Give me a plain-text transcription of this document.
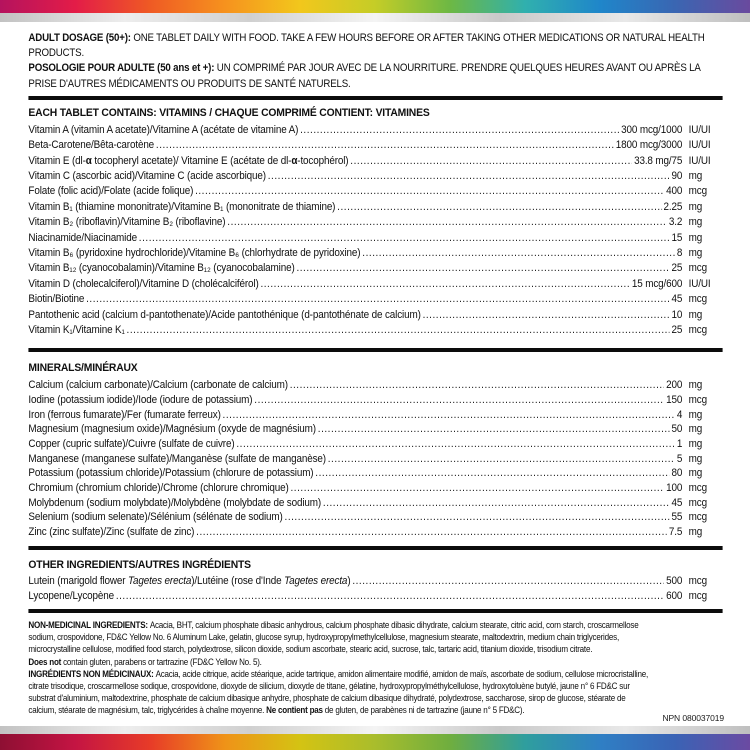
ADULT DOSAGE (50+): ONE TABLET DAILY WITH FOOD. TAKE A FEW HOURS BEFORE OR AFTER TAKING OTHER MEDICATIONS OR NATURAL HEALTH
PRODUCTS.
POSOLOGIE POUR ADULTE (50 ans et +): UN COMPRIMÉ PAR JOUR AVEC DE LA NOURRITURE. PRENDRE QUELQUES HEURES AVANT OU APRÈS LA
PRISE D'AUTRES MÉDICAMENTS OU PRODUITS DE SANTÉ NATURELS.
EACH TABLET CONTAINS: VITAMINS / CHAQUE COMPRIMÉ CONTIENT: VITAMINES
Vitamin A (vitamin A acetate)/Vitamine A (acétate de vitamine A) .....	300 mcg/1000 IU/UI
Beta-Carotene/Bêta-carotène .....	1800 mcg/3000 IU/UI
Vitamin E (dl-α tocopheryl acetate)/ Vitamine E (acétate de dl-α-tocophérol) .....	33.8 mg/75 IU/UI
Vitamin C (ascorbic acid)/Vitamine C (acide ascorbique) .....	90 mg
Folate (folic acid)/Folate (acide folique) .....	400 mcg
Vitamin B₁ (thiamine mononitrate)/Vitamine B₁ (mononitrate de thiamine) .....	2.25 mg
Vitamin B₂ (riboflavin)/Vitamine B₂ (riboflavine) .....	3.2 mg
Niacinamide/Niacinamide .....	15 mg
Vitamin B₆ (pyridoxine hydrochloride)/Vitamine B₆ (chlorhydrate de pyridoxine) .....	8 mg
Vitamin B₁₂ (cyanocobalamin)/Vitamine B₁₂ (cyanocobalamine) .....	25 mcg
Vitamin D (cholecalciferol)/Vitamine D (cholécalciférol) .....	15 mcg/600 IU/UI
Biotin/Biotine .....	45 mcg
Pantothenic acid (calcium d-pantothenate)/Acide pantothénique (d-pantothénate de calcium) .....	10 mg
Vitamin K₁/Vitamine K₁ .....	25 mcg
MINERALS/MINÉRAUX
Calcium (calcium carbonate)/Calcium (carbonate de calcium) .....	200 mg
Iodine (potassium iodide)/Iode (iodure de potassium) .....	150 mcg
Iron (ferrous fumarate)/Fer (fumarate ferreux) .....	4 mg
Magnesium (magnesium oxide)/Magnésium (oxyde de magnésium) .....	50 mg
Copper (cupric sulfate)/Cuivre (sulfate de cuivre) .....	1 mg
Manganese (manganese sulfate)/Manganèse (sulfate de manganèse) .....	5 mg
Potassium (potassium chloride)/Potassium (chlorure de potassium) .....	80 mg
Chromium (chromium chloride)/Chrome (chlorure chromique) .....	100 mcg
Molybdenum (sodium molybdate)/Molybdène (molybdate de sodium) .....	45 mcg
Selenium (sodium selenate)/Sélénium (sélénate de sodium) .....	55 mcg
Zinc (zinc sulfate)/Zinc (sulfate de zinc) .....	7.5 mg
OTHER INGREDIENTS/AUTRES INGRÉDIENTS
Lutein (marigold flower Tagetes erecta)/Lutéine (rose d'Inde Tagetes erecta) .....	500 mcg
Lycopene/Lycopène .....	600 mcg
NON-MEDICINAL INGREDIENTS: Acacia, BHT, calcium phosphate dibasic anhydrous, calcium phosphate dibasic dihydrate, calcium stearate, citric acid, corn starch, croscarmellose
sodium, crospovidone, FD&C Yellow No. 6 Aluminum Lake, gelatin, glucose syrup, hydroxypropylmethylcellulose, magnesium stearate, maltodextrin, medium chain triglycerides,
microcrystalline cellulose, modified food starch, polydextrose, silicon dioxide, sodium ascorbate, stearic acid, sucrose, talc, tartaric acid, titanium dioxide, trisodium citrate.
Does not contain gluten, parabens or tartrazine (FD&C Yellow No. 5).
INGRÉDIENTS NON MÉDICINAUX: Acacia, acide citrique, acide stéarique, acide tartrique, amidon alimentaire modifié, amidon de maïs, ascorbate de sodium, cellulose microcristalline,
citrate trisodique, croscarmellose sodique, crospovidone, dioxyde de silicium, dioxyde de titane, gélatine, hydroxypropylméthylcellulose, hydroxytoluène butylé, jaune n° 6 FD&C sur
substrat d'aluminium, maltodextrine, phosphate de calcium dibasique anhydre, phosphate de calcium dibasique dihydraté, polydextrose, saccharose, sirop de glucose, stéarate de
calcium, stéarate de magnésium, talc, triglycérides à chaîne moyenne. Ne contient pas de gluten, de parabènes ni de tartrazine (jaune n° 5 FD&C).
NPN 080037019
